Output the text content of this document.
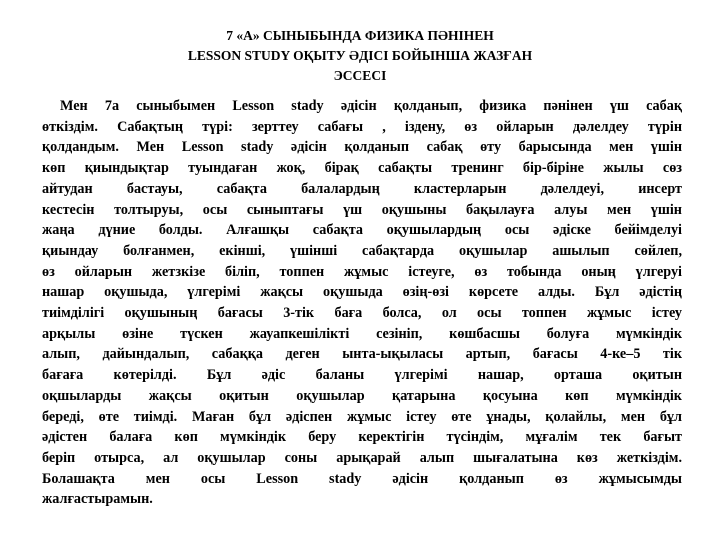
7 «А» СЫНЫБЫНДА ФИЗИКА ПӘНІНЕН
LESSON STUDY ОҚЫТУ ӘДІСІ БОЙЫНША ЖАЗҒАН
ЭССЕСІ
Мен 7а сыныбымен Lesson stady әдісін қолданып, физика пәнінен үш сабақ
өткіздім. Сабақтың түрі: зерттеу сабағы , іздену, өз ойларын дәлелдеу түрін
қолдандым. Мен Lesson stady әдісін қолданып сабақ өту барысында мен үшін
көп қиындықтар туындаған жоқ, бірақ сабақты тренинг бір-біріне жылы сөз
айтудан бастауы, сабақта балалардың кластерларын дәлелдеуі, инсерт
кестесін толтыруы, осы сыныптағы үш оқушыны бақылауға алуы мен үшін
жаңа дүние болды. Алғашқы сабақта оқушылардың осы әдіске бейімделуі
қиындау болғанмен, екінші, үшінші сабақтарда оқушылар ашылып сөйлеп,
өз ойларын жетзкізе біліп, топпен жұмыс істеуге, өз тобында оның үлгеруі
нашар оқушыда, үлгерімі жақсы оқушыда өзің-өзі көрсете алды. Бұл әдістің
тиімділігі оқушының бағасы 3-тік баға болса, ол осы топпен жұмыс істеу
арқылы өзіне түскен жауапкешілікті сезініп, көшбасшы болуға мүмкіндік
алып, дайындалып, сабаққа деген ынта-ықыласы артып, бағасы 4-ке–5 тік
бағаға көтерілді. Бұл әдіс баланы үлгерімі нашар, орташа оқитын
оқшыларды жақсы оқитын оқушылар қатарына қосуына көп мүмкіндік
береді, өте тиімді. Маған бұл әдіспен жұмыс істеу өте ұнады, қолайлы, мен бұл
әдістен балаға көп мүмкіндік беру керектігін түсіндім, мұғалім тек бағыт
беріп отырса, ал оқушылар соны арықарай алып шығалатына көз жеткіздім.
Болашақта мен осы Lesson stady әдісін қолданып өз жұмысымды
жалғастырамын.
